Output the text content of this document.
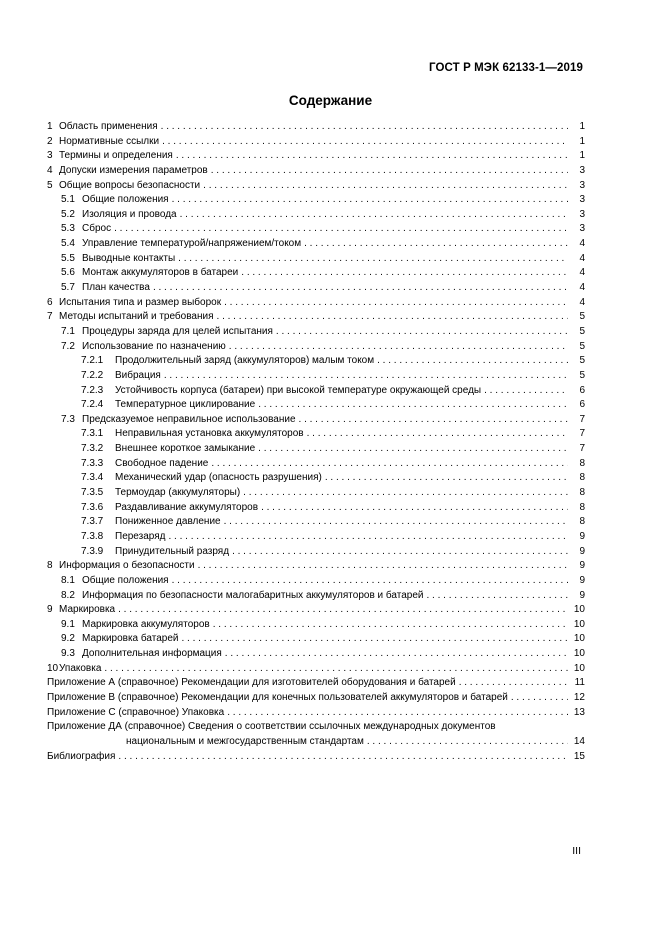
ГОСТ Р МЭК 62133-1—2019
Содержание
1 Область применения . . .	1
2 Нормативные ссылки . . .	1
3 Термины и определения . . .	1
4 Допуски измерения параметров . . .	3
5 Общие вопросы безопасности . . .	3
5.1 Общие положения . . .	3
5.2 Изоляция и провода . . .	3
5.3 Сброс . . .	3
5.4 Управление температурой/напряжением/током . . .	4
5.5 Выводные контакты . . .	4
5.6 Монтаж аккумуляторов в батареи . . .	4
5.7 План качества . . .	4
6 Испытания типа и размер выборок . . .	4
7 Методы испытаний и требования . . .	5
7.1 Процедуры заряда для целей испытания . . .	5
7.2 Использование по назначению . . .	5
7.2.1	Продолжительный заряд (аккумуляторов) малым током . . .	5
7.2.2	Вибрация . . .	5
7.2.3	Устойчивость корпуса (батареи) при высокой температуре окружающей среды . . .	6
7.2.4	Температурное циклирование . . .	6
7.3 Предсказуемое неправильное использование . . .	7
7.3.1	Неправильная установка аккумуляторов . . .	7
7.3.2	Внешнее короткое замыкание . . .	7
7.3.3	Свободное падение . . .	8
7.3.4	Механический удар (опасность разрушения) . . .	8
7.3.5	Термоудар (аккумуляторы) . . .	8
7.3.6	Раздавливание аккумуляторов . . .	8
7.3.7	Пониженное давление . . .	8
7.3.8	Перезаряд . . .	9
7.3.9	Принудительный разряд . . .	9
8 Информация о безопасности . . .	9
8.1 Общие положения . . .	9
8.2 Информация по безопасности малогабаритных аккумуляторов и батарей . . .	9
9 Маркировка . . .	10
9.1 Маркировка аккумуляторов . . .	10
9.2 Маркировка батарей . . .	10
9.3 Дополнительная информация . . .	10
10 Упаковка . . .	10
Приложение А (справочное) Рекомендации для изготовителей оборудования и батарей . . .	11
Приложение В (справочное) Рекомендации для конечных пользователей аккумуляторов и батарей . . .	12
Приложение С (справочное) Упаковка . . .	13
Приложение ДА (справочное) Сведения о соответствии ссылочных международных документов
национальным и межгосударственным стандартам . . .	14
Библиография . . .	15
III
